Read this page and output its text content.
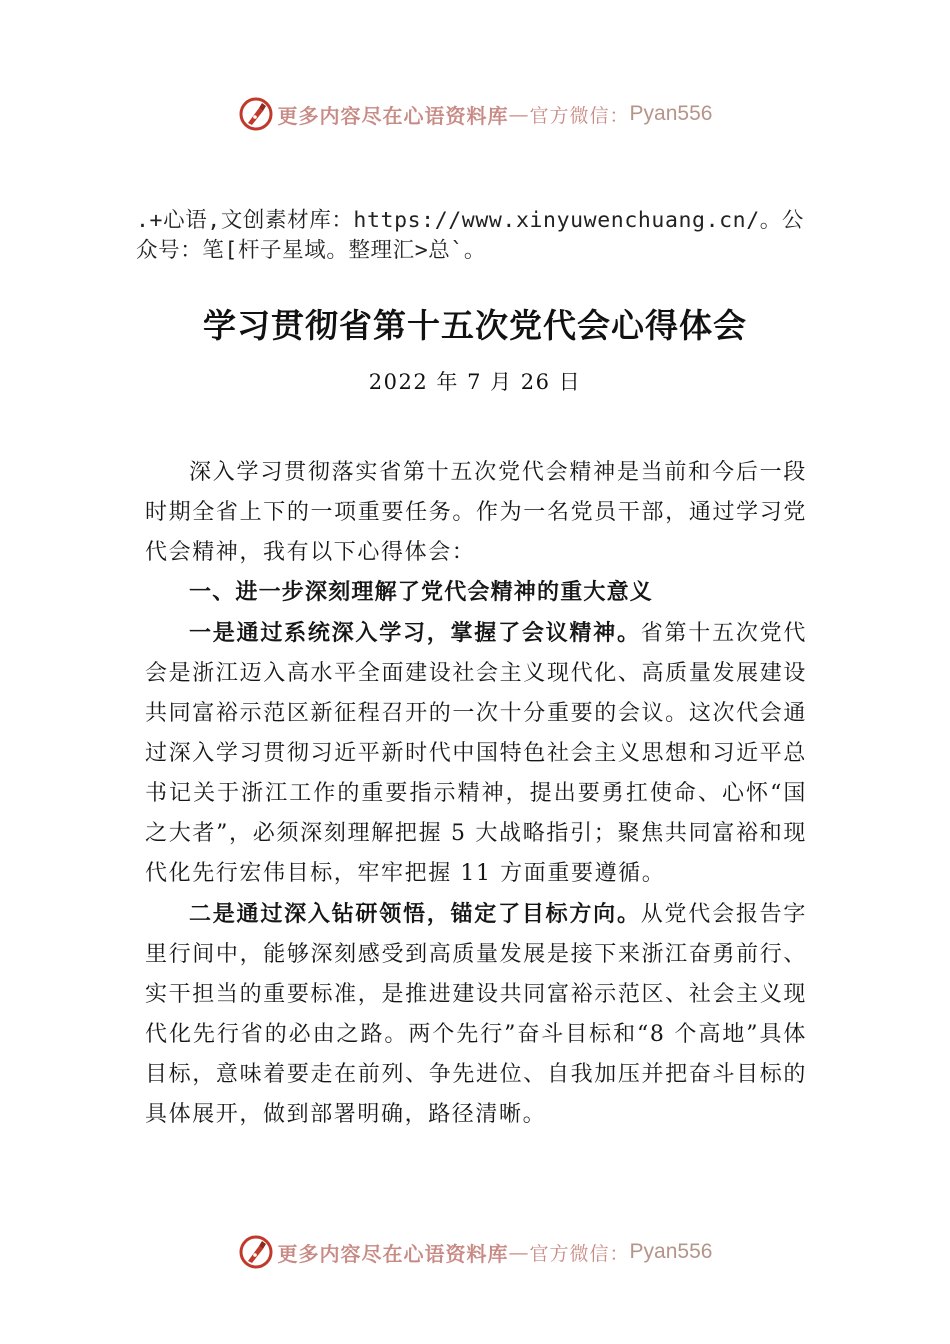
更多内容尽在心语资料库 — 官方微信： Pyan556

.+心语,文创素材库：https://www.xinyuwenchuang.cn/。公众号：笔[杆子星域。整理汇>总`。

学习贯彻省第十五次党代会心得体会

2022 年 7 月 26 日

深入学习贯彻落实省第十五次党代会精神是当前和今后一段时期全省上下的一项重要任务。作为一名党员干部，通过学习党代会精神，我有以下心得体会：

一、进一步深刻理解了党代会精神的重大意义

一是通过系统深入学习，掌握了会议精神。省第十五次党代会是浙江迈入高水平全面建设社会主义现代化、高质量发展建设共同富裕示范区新征程召开的一次十分重要的会议。这次代会通过深入学习贯彻习近平新时代中国特色社会主义思想和习近平总书记关于浙江工作的重要指示精神，提出要勇扛使命、心怀“国之大者”，必须深刻理解把握 5 大战略指引；聚焦共同富裕和现代化先行宏伟目标，牢牢把握 11 方面重要遵循。

二是通过深入钻研领悟，锚定了目标方向。从党代会报告字里行间中，能够深刻感受到高质量发展是接下来浙江奋勇前行、实干担当的重要标准，是推进建设共同富裕示范区、社会主义现代化先行省的必由之路。两个先行”奋斗目标和“8 个高地”具体目标，意味着要走在前列、争先进位、自我加压并把奋斗目标的具体展开，做到部署明确，路径清晰。

更多内容尽在心语资料库 — 官方微信： Pyan556
